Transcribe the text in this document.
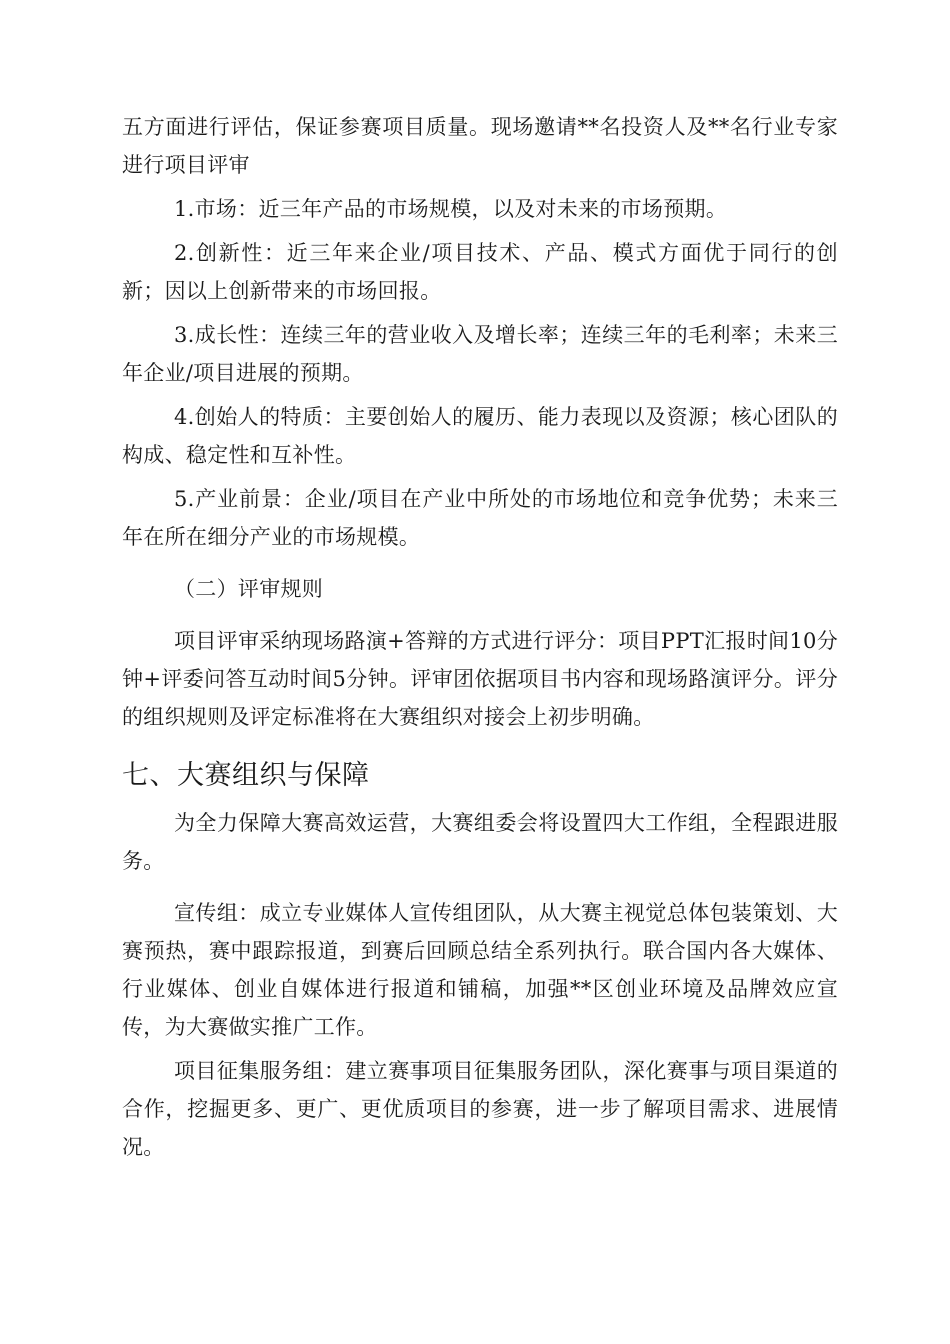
五方面进行评估，保证参赛项目质量。现场邀请**名投资人及**名行业专家进行项目评审

1.市场：近三年产品的市场规模，以及对未来的市场预期。

2.创新性：近三年来企业/项目技术、产品、模式方面优于同行的创新；因以上创新带来的市场回报。

3.成长性：连续三年的营业收入及增长率；连续三年的毛利率；未来三年企业/项目进展的预期。

4.创始人的特质：主要创始人的履历、能力表现以及资源；核心团队的构成、稳定性和互补性。

5.产业前景：企业/项目在产业中所处的市场地位和竞争优势；未来三年在所在细分产业的市场规模。

（二）评审规则

项目评审采纳现场路演+答辩的方式进行评分：项目PPT汇报时间10分钟+评委问答互动时间5分钟。评审团依据项目书内容和现场路演评分。评分的组织规则及评定标准将在大赛组织对接会上初步明确。

七、大赛组织与保障

为全力保障大赛高效运营，大赛组委会将设置四大工作组，全程跟进服务。

宣传组：成立专业媒体人宣传组团队，从大赛主视觉总体包装策划、大赛预热，赛中跟踪报道，到赛后回顾总结全系列执行。联合国内各大媒体、行业媒体、创业自媒体进行报道和铺稿，加强**区创业环境及品牌效应宣传，为大赛做实推广工作。

项目征集服务组：建立赛事项目征集服务团队，深化赛事与项目渠道的合作，挖掘更多、更广、更优质项目的参赛，进一步了解项目需求、进展情况。
